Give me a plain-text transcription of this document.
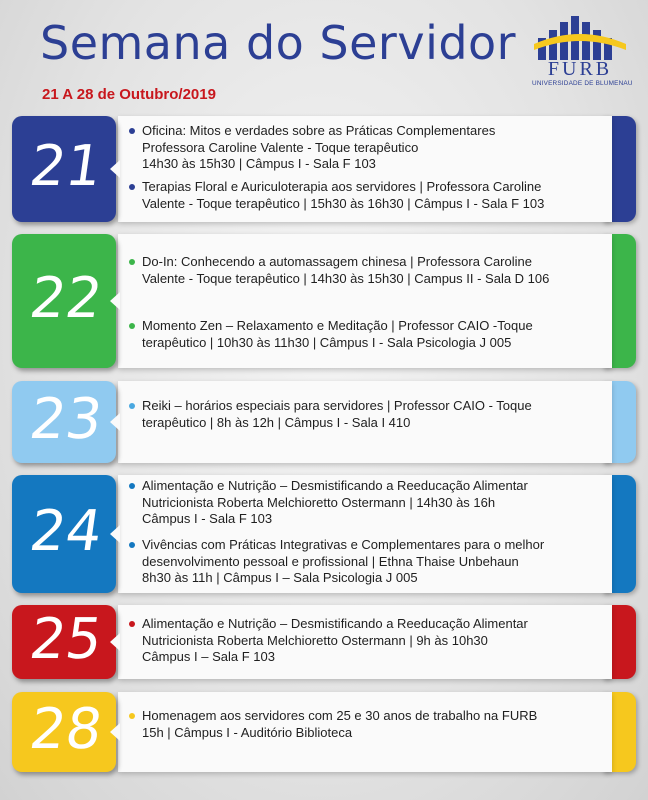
Semana do Servidor

21 A 28 de Outubro/2019

FURB
UNIVERSIDADE DE BLUMENAU
21
Oficina: Mitos e verdades sobre as Práticas Complementares
Professora Caroline Valente - Toque terapêutico
14h30 às 15h30 | Câmpus I - Sala F 103
Terapias Floral e Auriculoterapia aos servidores | Professora Caroline
Valente - Toque terapêutico | 15h30 às 16h30 | Câmpus I - Sala F 103
22
Do-In: Conhecendo a automassagem chinesa | Professora Caroline
Valente - Toque terapêutico | 14h30 às 15h30 | Campus II - Sala D 106
Momento Zen – Relaxamento e Meditação | Professor CAIO -Toque
terapêutico | 10h30 às 11h30 | Câmpus I - Sala Psicologia J 005
23	Reiki – horários especiais para servidores | Professor CAIO - Toque
terapêutico | 8h às 12h | Câmpus I - Sala I 410
24
Alimentação e Nutrição – Desmistificando a Reeducação Alimentar
Nutricionista Roberta Melchioretto Ostermann | 14h30 às 16h
Câmpus I - Sala F 103
Vivências com Práticas Integrativas e Complementares para o melhor
desenvolvimento pessoal e profissional | Ethna Thaise Unbehaun
8h30 às 11h | Câmpus I – Sala Psicologia J 005
25	Alimentação e Nutrição – Desmistificando a Reeducação Alimentar
Nutricionista Roberta Melchioretto Ostermann | 9h às 10h30
Câmpus I – Sala F 103
28	Homenagem aos servidores com 25 e 30 anos de trabalho na FURB
15h | Câmpus I - Auditório Biblioteca
